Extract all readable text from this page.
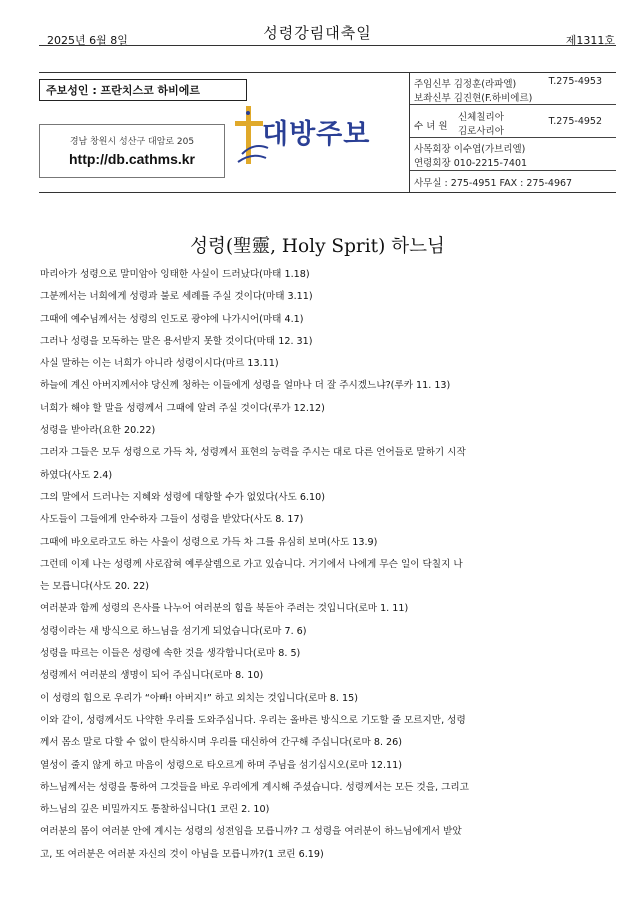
성령강림대축일
2025년 6월 8일	제1311호
주보성인 : 프란치스코 하비에르
경남 창원시 성산구 대암로 205
http://db.cathms.kr
대방주보
주임신부 김정훈(라파엘)	T.275-4953
보좌신부 김진현(F.하비에르)
수 녀 원
신체칠리아
김로사리아
T.275-4952
사목회장 이수엽(가브리엘)
연령회장 010-2215-7401
사무실 : 275-4951 FAX : 275-4967
성령(聖靈, Holy Sprit) 하느님

마리아가 성령으로 말미암아 잉태한 사실이 드러났다(마태 1.18)

그분께서는 너희에게 성령과 불로 세례를 주실 것이다(마태 3.11)

그때에 예수님께서는 성령의 인도로 광야에 나가시어(마태 4.1)

그러나 성령을 모독하는 말은 용서받지 못할 것이다(마태 12. 31)

사실 말하는 이는 너희가 아니라 성령이시다(마르 13.11)

하늘에 계신 아버지께서야 당신께 청하는 이들에게 성령을 얼마나 더 잘 주시겠느냐?(루카 11. 13)

너희가 해야 할 말을 성령께서 그때에 알려 주실 것이다(루가 12.12)

성령을 받아라(요한 20.22)

그러자 그들은 모두 성령으로 가득 차, 성령께서 표현의 능력을 주시는 대로 다른 언어들로 말하기 시작

하였다(사도 2.4)

그의 말에서 드러나는 지혜와 성령에 대항할 수가 없었다(사도 6.10)

사도들이 그들에게 안수하자 그들이 성령을 받았다(사도 8. 17)

그때에 바오로라고도 하는 사울이 성령으로 가득 차 그를 유심히 보며(사도 13.9)

그런데 이제 나는 성령께 사로잡혀 예루살렘으로 가고 있습니다. 거기에서 나에게 무슨 일이 닥칠지 나

는 모릅니다(사도 20. 22)

여러분과 함께 성령의 은사를 나누어 여러분의 힘을 북돋아 주려는 것입니다(로마 1. 11)

성령이라는 새 방식으로 하느님을 섬기게 되었습니다(로마 7. 6)

성령을 따르는 이들은 성령에 속한 것을 생각합니다(로마 8. 5)

성령께서 여러분의 생명이 되어 주십니다(로마 8. 10)

이 성령의 힘으로 우리가 “아빠! 아버지!” 하고 외치는 것입니다(로마 8. 15)

이와 같이, 성령께서도 나약한 우리를 도와주십니다. 우리는 올바른 방식으로 기도할 줄 모르지만, 성령

께서 몸소 말로 다할 수 없이 탄식하시며 우리를 대신하여 간구해 주십니다(로마 8. 26)

열성이 줄지 않게 하고 마음이 성령으로 타오르게 하며 주님을 섬기십시오(로마 12.11)

하느님께서는 성령을 통하여 그것들을 바로 우리에게 계시해 주셨습니다. 성령께서는 모든 것을, 그리고

하느님의 깊은 비밀까지도 통찰하십니다(1 코린 2. 10)

여러분의 몸이 여러분 안에 계시는 성령의 성전임을 모릅니까? 그 성령을 여러분이 하느님에게서 받았

고, 또 여러분은 여러분 자신의 것이 아님을 모릅니까?(1 코린 6.19)
